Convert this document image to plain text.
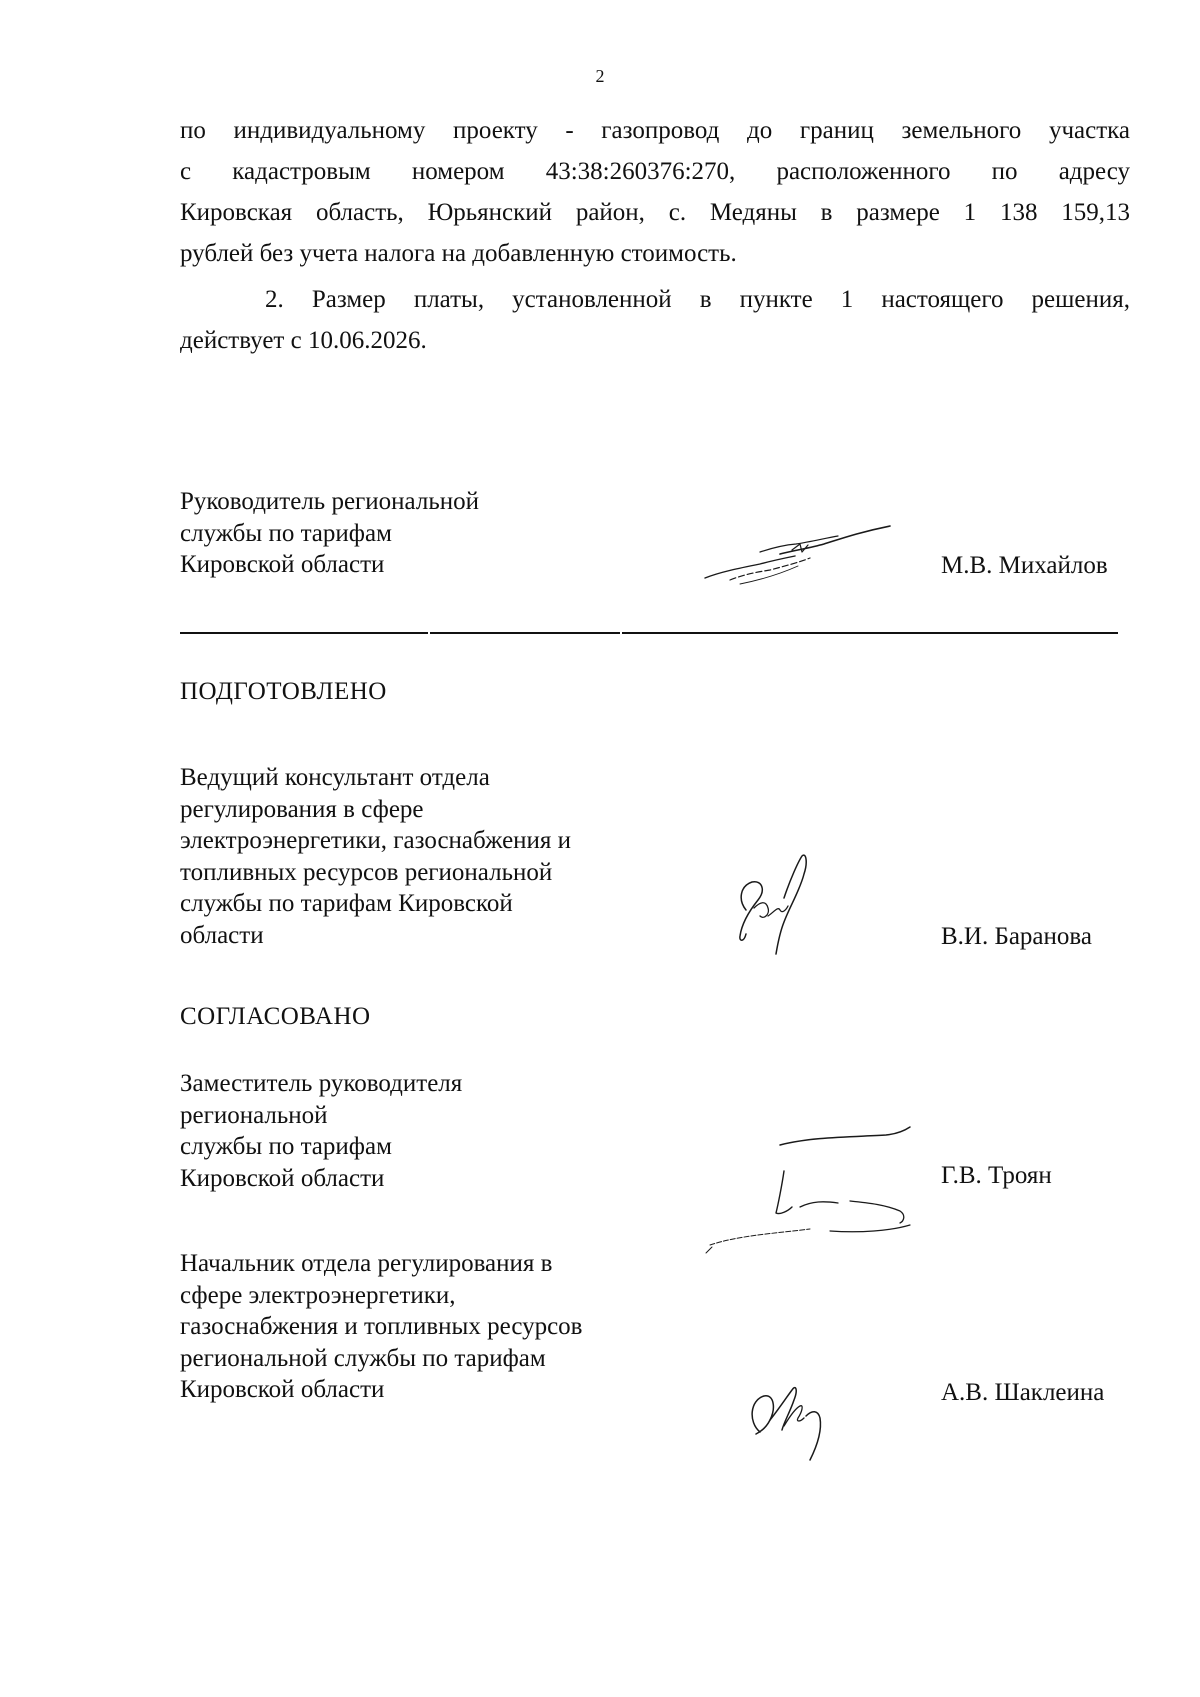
2
по индивидуальному проекту - газопровод до границ земельного участка
с кадастровым номером 43:38:260376:270, расположенного по адресу
Кировская область, Юрьянский район, с. Медяны в размере 1 138 159,13
рублей без учета налога на добавленную стоимость.
2. Размер платы, установленной в пункте 1 настоящего решения,
действует с 10.06.2026.
Руководитель региональной
службы по тарифам
Кировской области	М.В. Михайлов
ПОДГОТОВЛЕНО
Ведущий консультант отдела
регулирования в сфере
электроэнергетики, газоснабжения и
топливных ресурсов региональной
службы по тарифам Кировской
области	В.И. Баранова
СОГЛАСОВАНО
Заместитель руководителя
региональной
службы по тарифам
Кировской области	Г.В. Троян
Начальник отдела регулирования в
сфере электроэнергетики,
газоснабжения и топливных ресурсов
региональной службы по тарифам
Кировской области	А.В. Шаклеина
